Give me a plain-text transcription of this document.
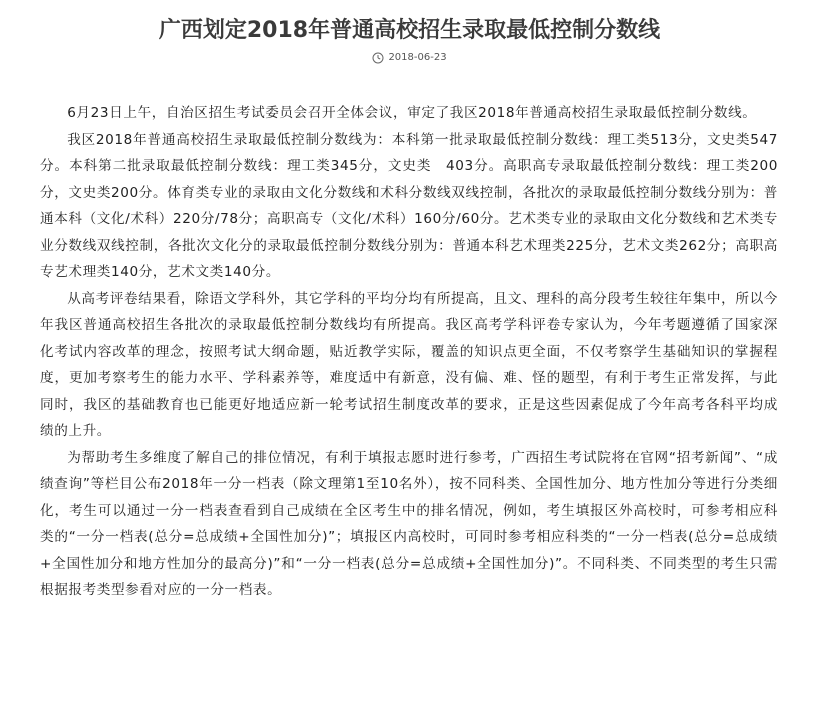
广西划定2018年普通高校招生录取最低控制分数线
2018-06-23

6月23日上午，自治区招生考试委员会召开全体会议，审定了我区2018年普通高校招生录取最低控制分数线。

我区2018年普通高校招生录取最低控制分数线为：本科第一批录取最低控制分数线：理工类513分，文史类547分。本科第二批录取最低控制分数线：理工类345分，文史类　403分。高职高专录取最低控制分数线：理工类200分，文史类200分。体育类专业的录取由文化分数线和术科分数线双线控制，各批次的录取最低控制分数线分别为：普通本科（文化/术科）220分/78分；高职高专（文化/术科）160分/60分。艺术类专业的录取由文化分数线和艺术类专业分数线双线控制，各批次文化分的录取最低控制分数线分别为：普通本科艺术理类225分，艺术文类262分；高职高专艺术理类140分，艺术文类140分。

从高考评卷结果看，除语文学科外，其它学科的平均分均有所提高，且文、理科的高分段考生较往年集中，所以今年我区普通高校招生各批次的录取最低控制分数线均有所提高。我区高考学科评卷专家认为，今年考题遵循了国家深化考试内容改革的理念，按照考试大纲命题，贴近教学实际，覆盖的知识点更全面，不仅考察学生基础知识的掌握程度，更加考察考生的能力水平、学科素养等，难度适中有新意，没有偏、难、怪的题型，有利于考生正常发挥，与此同时，我区的基础教育也已能更好地适应新一轮考试招生制度改革的要求，正是这些因素促成了今年高考各科平均成绩的上升。

为帮助考生多维度了解自己的排位情况，有利于填报志愿时进行参考，广西招生考试院将在官网“招考新闻”、“成绩查询”等栏目公布2018年一分一档表（除文理第1至10名外），按不同科类、全国性加分、地方性加分等进行分类细化，考生可以通过一分一档表查看到自己成绩在全区考生中的排名情况，例如，考生填报区外高校时，可参考相应科类的“一分一档表(总分=总成绩+全国性加分)”；填报区内高校时，可同时参考相应科类的“一分一档表(总分=总成绩+全国性加分和地方性加分的最高分)”和“一分一档表(总分=总成绩+全国性加分)”。不同科类、不同类型的考生只需根据报考类型参看对应的一分一档表。
